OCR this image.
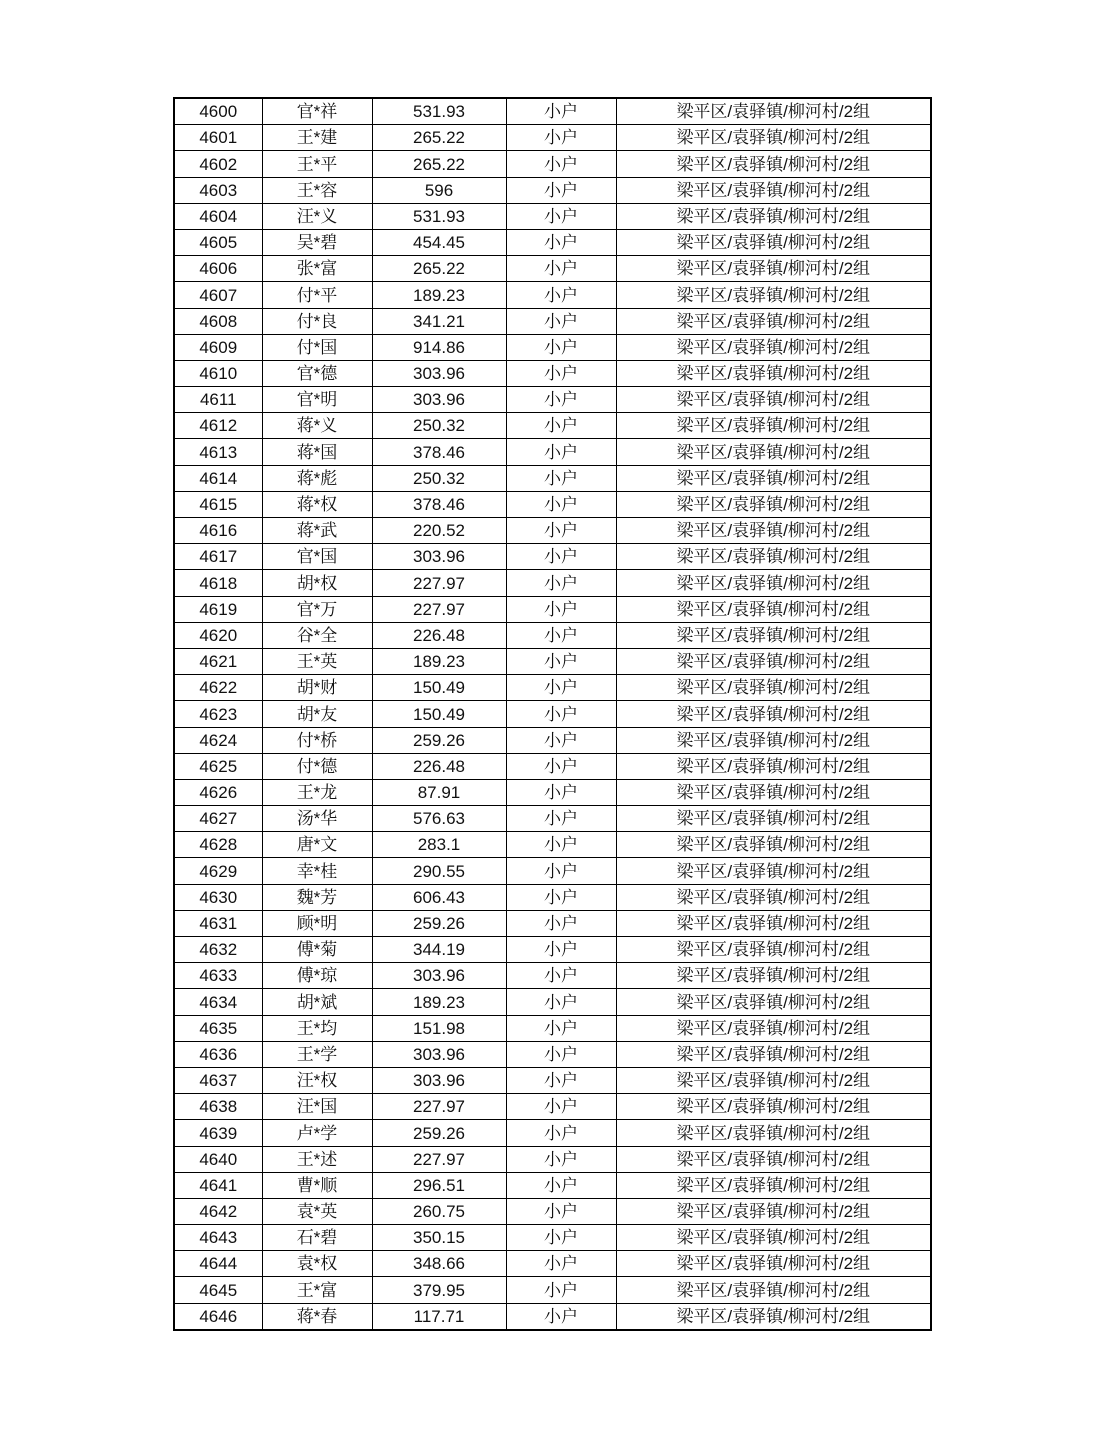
4600	官*祥	531.93	小户	梁平区/袁驿镇/柳河村/2组
4601	王*建	265.22	小户	梁平区/袁驿镇/柳河村/2组
4602	王*平	265.22	小户	梁平区/袁驿镇/柳河村/2组
4603	王*容	596	小户	梁平区/袁驿镇/柳河村/2组
4604	汪*义	531.93	小户	梁平区/袁驿镇/柳河村/2组
4605	吴*碧	454.45	小户	梁平区/袁驿镇/柳河村/2组
4606	张*富	265.22	小户	梁平区/袁驿镇/柳河村/2组
4607	付*平	189.23	小户	梁平区/袁驿镇/柳河村/2组
4608	付*良	341.21	小户	梁平区/袁驿镇/柳河村/2组
4609	付*国	914.86	小户	梁平区/袁驿镇/柳河村/2组
4610	官*德	303.96	小户	梁平区/袁驿镇/柳河村/2组
4611	官*明	303.96	小户	梁平区/袁驿镇/柳河村/2组
4612	蒋*义	250.32	小户	梁平区/袁驿镇/柳河村/2组
4613	蒋*国	378.46	小户	梁平区/袁驿镇/柳河村/2组
4614	蒋*彪	250.32	小户	梁平区/袁驿镇/柳河村/2组
4615	蒋*权	378.46	小户	梁平区/袁驿镇/柳河村/2组
4616	蒋*武	220.52	小户	梁平区/袁驿镇/柳河村/2组
4617	官*国	303.96	小户	梁平区/袁驿镇/柳河村/2组
4618	胡*权	227.97	小户	梁平区/袁驿镇/柳河村/2组
4619	官*万	227.97	小户	梁平区/袁驿镇/柳河村/2组
4620	谷*全	226.48	小户	梁平区/袁驿镇/柳河村/2组
4621	王*英	189.23	小户	梁平区/袁驿镇/柳河村/2组
4622	胡*财	150.49	小户	梁平区/袁驿镇/柳河村/2组
4623	胡*友	150.49	小户	梁平区/袁驿镇/柳河村/2组
4624	付*桥	259.26	小户	梁平区/袁驿镇/柳河村/2组
4625	付*德	226.48	小户	梁平区/袁驿镇/柳河村/2组
4626	王*龙	87.91	小户	梁平区/袁驿镇/柳河村/2组
4627	汤*华	576.63	小户	梁平区/袁驿镇/柳河村/2组
4628	唐*文	283.1	小户	梁平区/袁驿镇/柳河村/2组
4629	幸*桂	290.55	小户	梁平区/袁驿镇/柳河村/2组
4630	魏*芳	606.43	小户	梁平区/袁驿镇/柳河村/2组
4631	顾*明	259.26	小户	梁平区/袁驿镇/柳河村/2组
4632	傅*菊	344.19	小户	梁平区/袁驿镇/柳河村/2组
4633	傅*琼	303.96	小户	梁平区/袁驿镇/柳河村/2组
4634	胡*斌	189.23	小户	梁平区/袁驿镇/柳河村/2组
4635	王*均	151.98	小户	梁平区/袁驿镇/柳河村/2组
4636	王*学	303.96	小户	梁平区/袁驿镇/柳河村/2组
4637	汪*权	303.96	小户	梁平区/袁驿镇/柳河村/2组
4638	汪*国	227.97	小户	梁平区/袁驿镇/柳河村/2组
4639	卢*学	259.26	小户	梁平区/袁驿镇/柳河村/2组
4640	王*述	227.97	小户	梁平区/袁驿镇/柳河村/2组
4641	曹*顺	296.51	小户	梁平区/袁驿镇/柳河村/2组
4642	袁*英	260.75	小户	梁平区/袁驿镇/柳河村/2组
4643	石*碧	350.15	小户	梁平区/袁驿镇/柳河村/2组
4644	袁*权	348.66	小户	梁平区/袁驿镇/柳河村/2组
4645	王*富	379.95	小户	梁平区/袁驿镇/柳河村/2组
4646	蒋*春	117.71	小户	梁平区/袁驿镇/柳河村/2组
